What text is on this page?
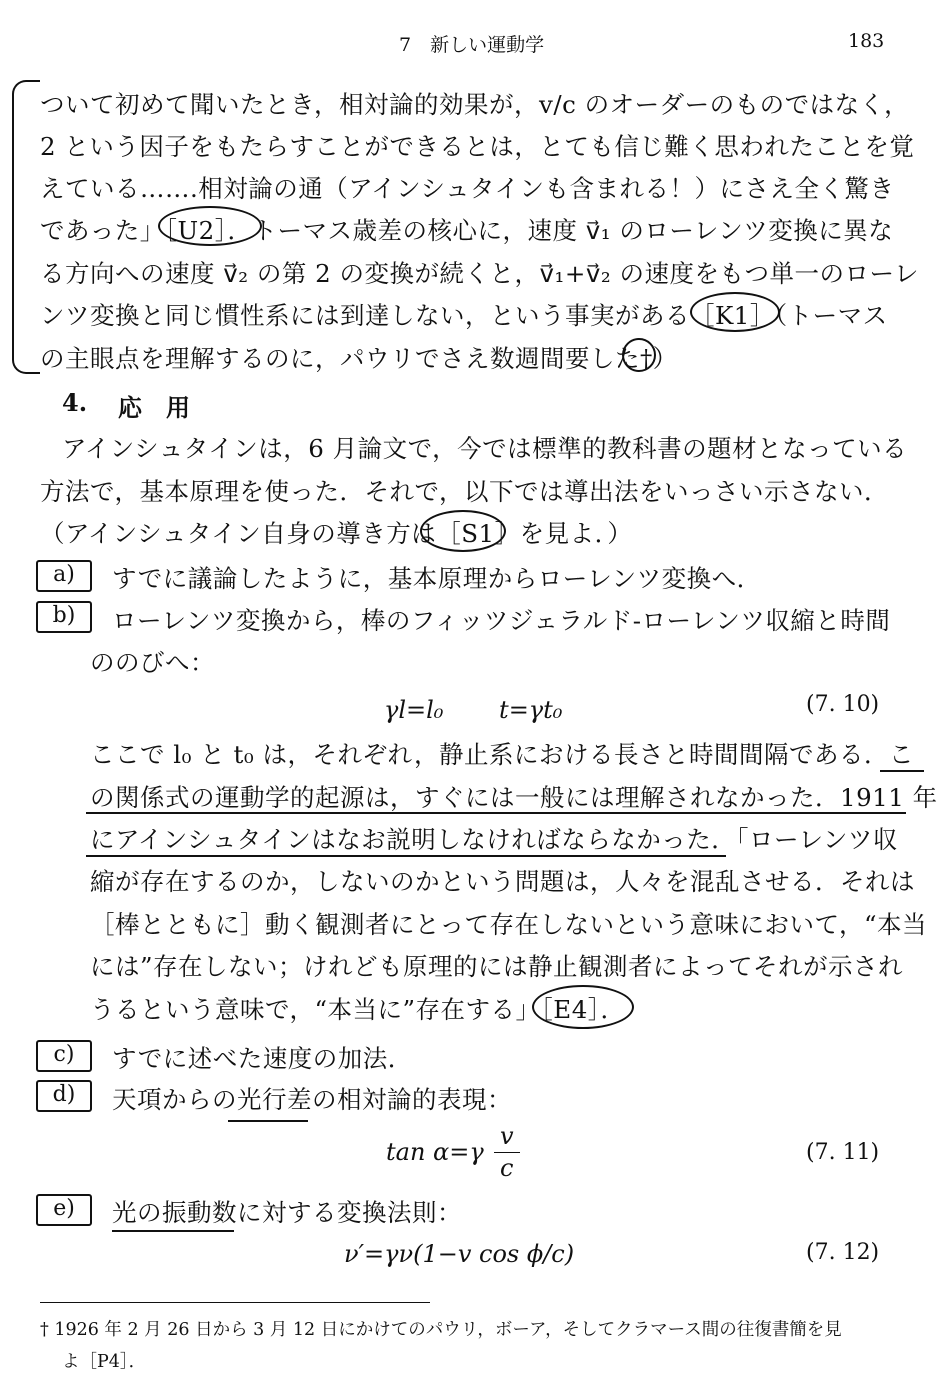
7　新しい運動学	183
ついて初めて聞いたとき，相対論的効果が，v/c のオーダーのものではなく，
2 という因子をもたらすことができるとは，とても信じ難く思われたことを覚
えている…….相対論の通（アインシュタインも含まれる！）にさえ全く驚き
であった」［U2］．トーマス歳差の核心に，速度 v⃗₁ のローレンツ変換に異な
る方向への速度 v⃗₂ の第 2 の変換が続くと，v⃗₁+v⃗₂ の速度をもつ単一のローレ
ンツ変換と同じ慣性系には到達しない，という事実がある［K1］（トーマス
の主眼点を理解するのに，パウリでさえ数週間要した†）
4. 応　用
アインシュタインは，6 月論文で，今では標準的教科書の題材となっている
方法で，基本原理を使った．それで，以下では導出法をいっさい示さない．
（アインシュタイン自身の導き方は［S1］を見よ．）
a)	すでに議論したように，基本原理からローレンツ変換へ．
b)	ローレンツ変換から，棒のフィッツジェラルド-ローレンツ収縮と時間
ののびへ：
γl=l₀　　 t=γt₀	(7. 10)
ここで l₀ と t₀ は，それぞれ，静止系における長さと時間間隔である．こ
の関係式の運動学的起源は，すぐには一般には理解されなかった．1911 年
にアインシュタインはなお説明しなければならなかった．「ローレンツ収
縮が存在するのか，しないのかという問題は，人々を混乱させる．それは
［棒とともに］動く観測者にとって存在しないという意味において，“本当
には”存在しない；けれども原理的には静止観測者によってそれが示され
うるという意味で，“本当に”存在する」［E4］．
c)	すでに述べた速度の加法．
d)	天項からの光行差の相対論的表現：
tan α=γ
v
c
(7. 11)
e)	光の振動数に対する変換法則：
ν′=γν(1−v cos ϕ/c)	(7. 12)
† 1926 年 2 月 26 日から 3 月 12 日にかけてのパウリ，ボーア，そしてクラマース間の往復書簡を見
よ［P4］．
